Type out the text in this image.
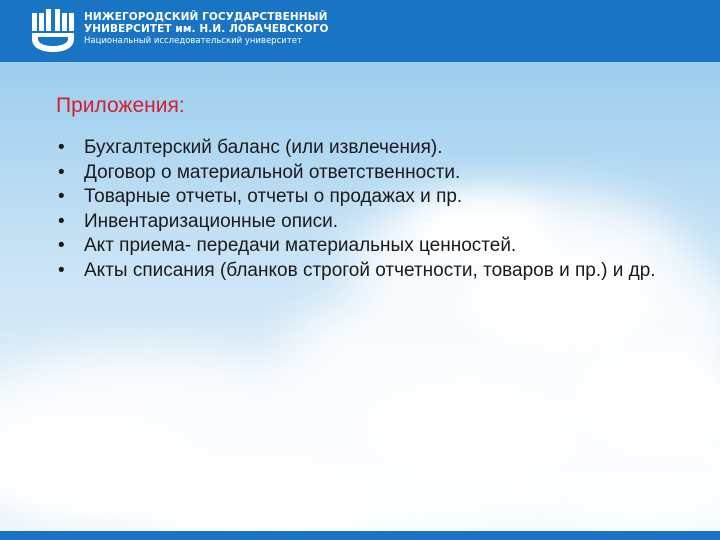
НИЖЕГОРОДСКИЙ ГОСУДАРСТВЕННЫЙ
УНИВЕРСИТЕТ им. Н.И. ЛОБАЧЕВСКОГО
Национальный исследовательский университет
Приложения:
• Бухгалтерский баланс (или извлечения).
• Договор о материальной ответственности.
• Товарные отчеты, отчеты о продажах и пр.
• Инвентаризационные описи.
• Акт приема- передачи материальных ценностей.
• Акты списания (бланков строгой отчетности, товаров и пр.) и др.
